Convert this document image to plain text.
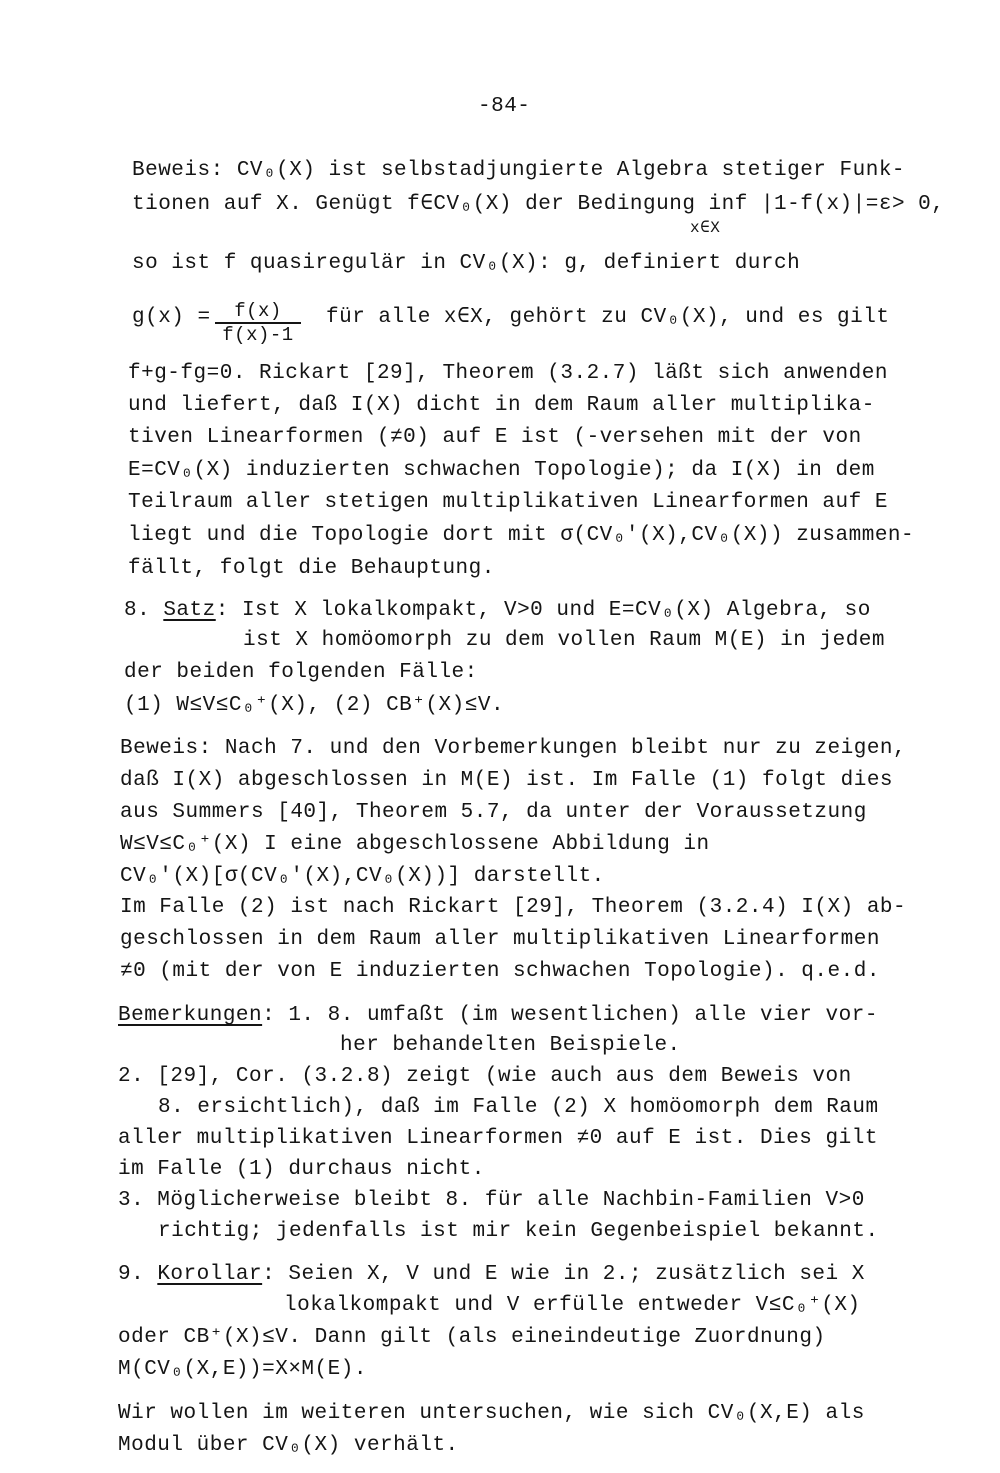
-84-
Beweis: CV₀(X) ist selbstadjungierte Algebra stetiger Funk-
tionen auf X. Genügt f∈CV₀(X) der Bedingung inf |1-f(x)|=ε> 0,
x∈X
so ist f quasiregulär in CV₀(X): g, definiert durch
g(x) =	f(x)
f(x)-1
für alle x∈X, gehört zu CV₀(X), und es gilt
f+g-fg=0. Rickart [29], Theorem (3.2.7) läßt sich anwenden
und liefert, daß I(X) dicht in dem Raum aller multiplika-
tiven Linearformen (≠0) auf E ist (-versehen mit der von
E=CV₀(X) induzierten schwachen Topologie); da I(X) in dem
Teilraum aller stetigen multiplikativen Linearformen auf E
liegt und die Topologie dort mit σ(CV₀′(X),CV₀(X)) zusammen-
fällt, folgt die Behauptung.
8. Satz: Ist X lokalkompakt, V>0 und E=CV₀(X) Algebra, so
ist X homöomorph zu dem vollen Raum M(E) in jedem
der beiden folgenden Fälle:
(1) W≤V≤C₀⁺(X), (2) CB⁺(X)≤V.
Beweis: Nach 7. und den Vorbemerkungen bleibt nur zu zeigen,
daß I(X) abgeschlossen in M(E) ist. Im Falle (1) folgt dies
aus Summers [40], Theorem 5.7, da unter der Voraussetzung
W≤V≤C₀⁺(X) I eine abgeschlossene Abbildung in
CV₀′(X)[σ(CV₀′(X),CV₀(X))] darstellt.
Im Falle (2) ist nach Rickart [29], Theorem (3.2.4) I(X) ab-
geschlossen in dem Raum aller multiplikativen Linearformen
≠0 (mit der von E induzierten schwachen Topologie). q.e.d.
Bemerkungen: 1. 8. umfaßt (im wesentlichen) alle vier vor-
her behandelten Beispiele.
2. [29], Cor. (3.2.8) zeigt (wie auch aus dem Beweis von
8. ersichtlich), daß im Falle (2) X homöomorph dem Raum
aller multiplikativen Linearformen ≠0 auf E ist. Dies gilt
im Falle (1) durchaus nicht.
3. Möglicherweise bleibt 8. für alle Nachbin-Familien V>0
richtig; jedenfalls ist mir kein Gegenbeispiel bekannt.
9. Korollar: Seien X, V und E wie in 2.; zusätzlich sei X
lokalkompakt und V erfülle entweder V≤C₀⁺(X)
oder CB⁺(X)≤V. Dann gilt (als eineindeutige Zuordnung)
M(CV₀(X,E))=X×M(E).
Wir wollen im weiteren untersuchen, wie sich CV₀(X,E) als
Modul über CV₀(X) verhält.
